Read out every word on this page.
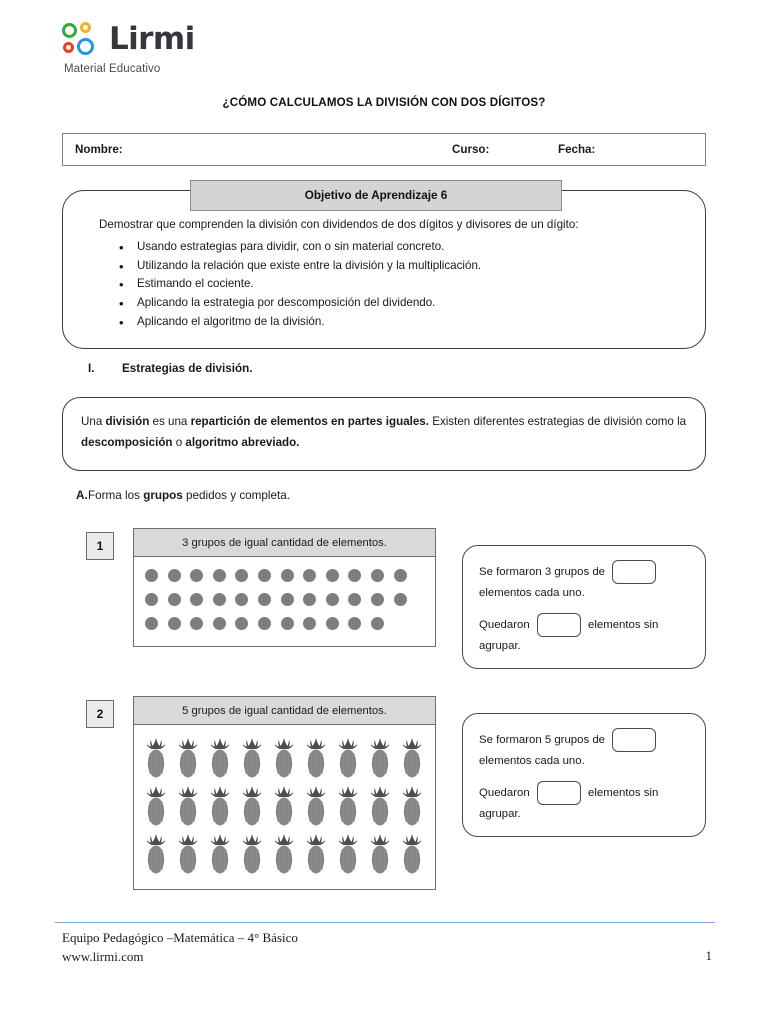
Lirmi
Material Educativo
¿CÓMO CALCULAMOS LA DIVISIÓN CON DOS DÍGITOS?
Nombre:	Curso:	Fecha:
Objetivo de Aprendizaje 6

Demostrar que comprenden la división con dividendos de dos dígitos y divisores de un dígito:

• Usando estrategias para dividir, con o sin material concreto.
• Utilizando la relación que existe entre la división y la multiplicación.
• Estimando el cociente.
• Aplicando la estrategia por descomposición del dividendo.
• Aplicando el algoritmo de la división.
I. Estrategias de división.
Una división es una repartición de elementos en partes iguales. Existen diferentes estrategias de división como la descomposición o algoritmo abreviado.
A.Forma los grupos pedidos y completa.
1	3 grupos de igual cantidad de elementos.
Se formaron 3 grupos de  elementos cada uno.
Quedaron	elementos sin agrupar.
2	5 grupos de igual cantidad de elementos.
Se formaron 5 grupos de  elementos cada uno.
Quedaron	elementos sin agrupar.
Equipo Pedagógico –Matemática – 4° Básico
www.lirmi.com	1
